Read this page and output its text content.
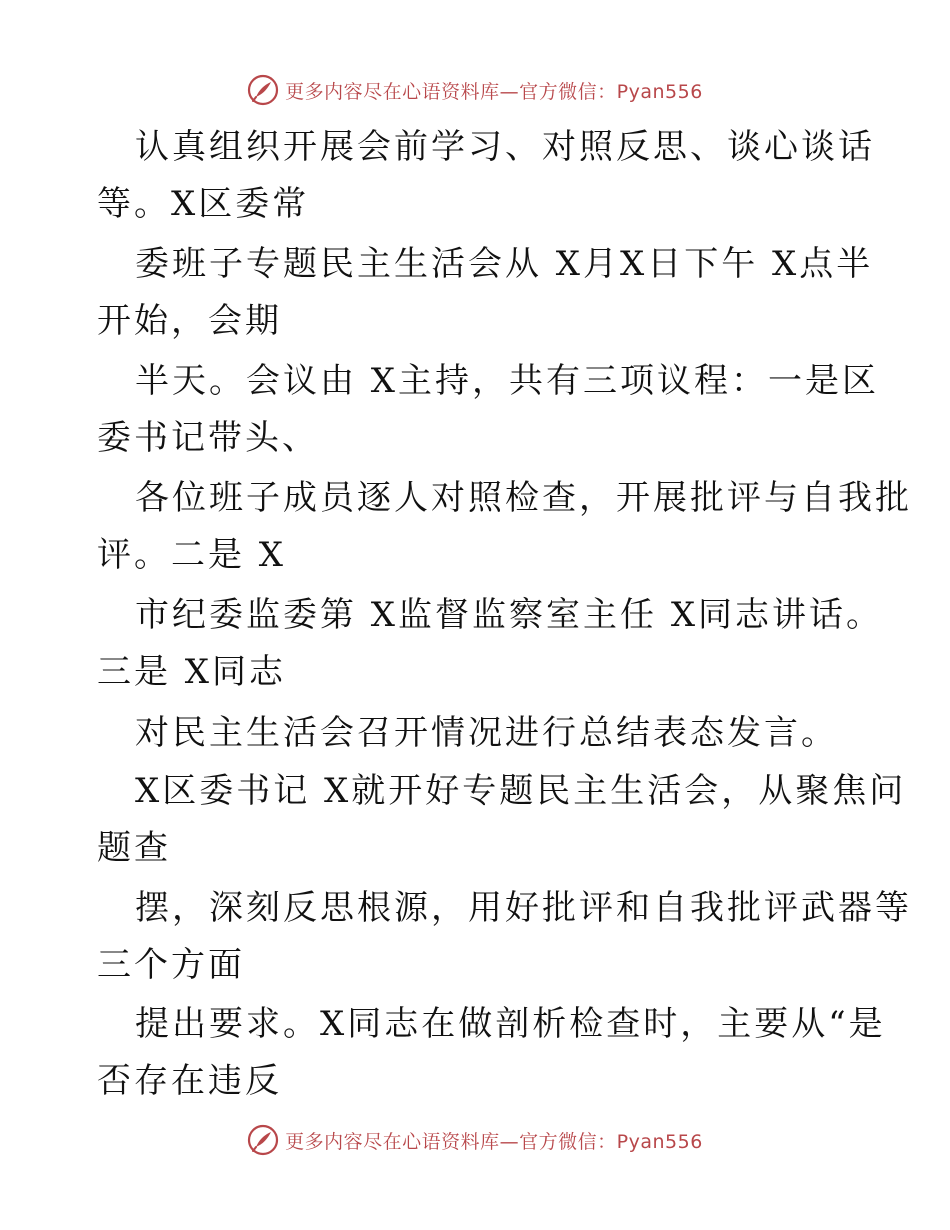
更多内容尽在心语资料库—官方微信：Pyan556
认真组织开展会前学习、对照反思、谈心谈话
等。X区委常
委班子专题民主生活会从 X月X日下午 X点半
开始，会期
半天。会议由 X主持，共有三项议程：一是区
委书记带头、
各位班子成员逐人对照检查，开展批评与自我批
评。二是 X
市纪委监委第 X监督监察室主任 X同志讲话。
三是 X同志
对民主生活会召开情况进行总结表态发言。
X区委书记 X就开好专题民主生活会，从聚焦问
题查
摆，深刻反思根源，用好批评和自我批评武器等
三个方面
提出要求。X同志在做剖析检查时，主要从“是
否存在违反
更多内容尽在心语资料库—官方微信：Pyan556
